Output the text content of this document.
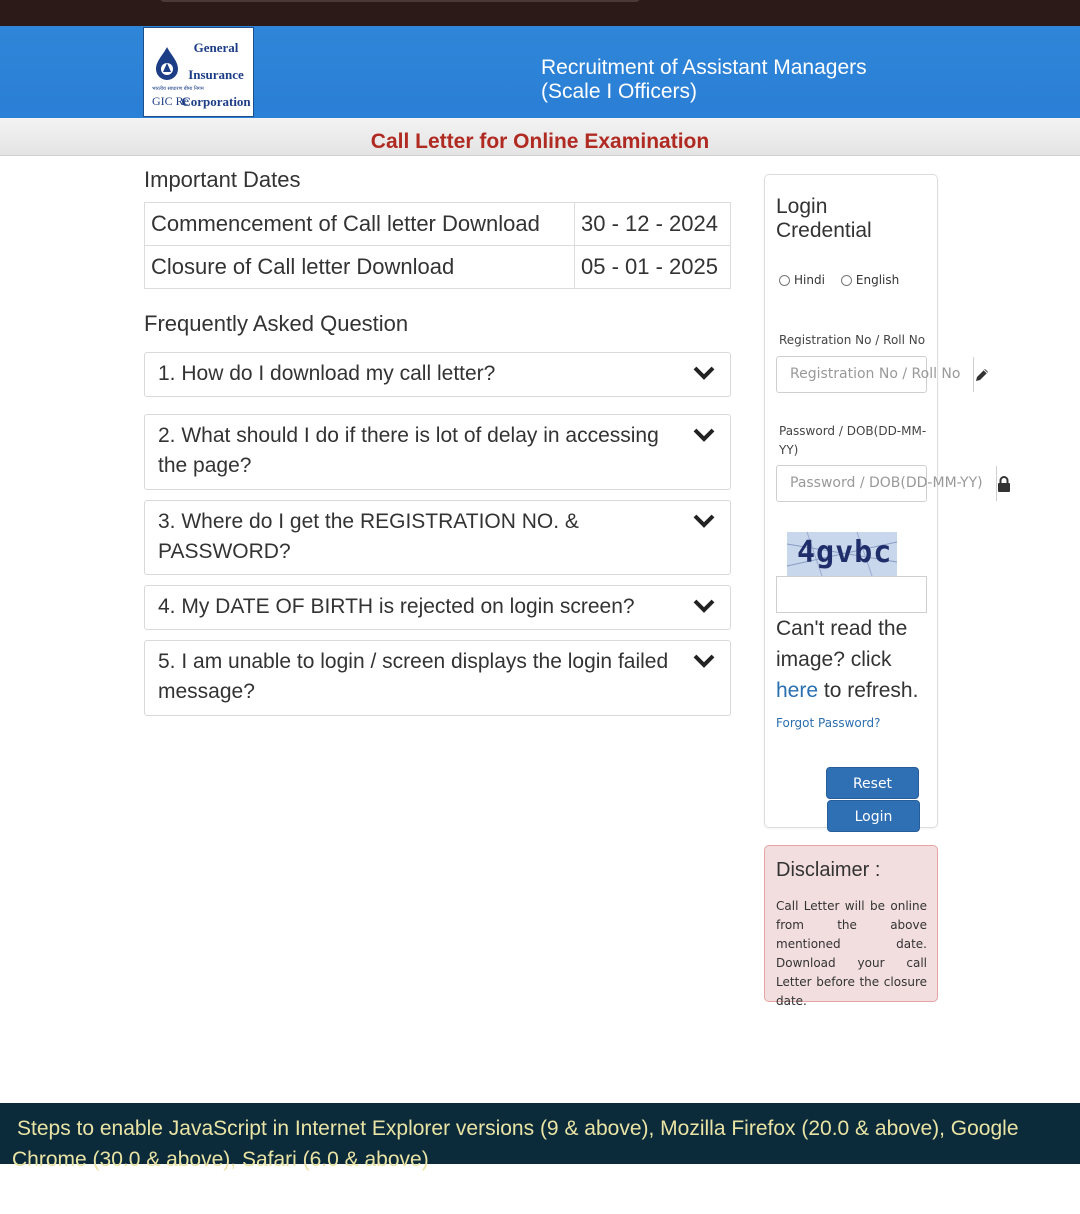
General Insurance
Corporation
भारतीय साधारण बीमा निगम
GIC Re
Recruitment of Assistant Managers
(Scale I Officers)
Call Letter for Online Examination
Important Dates
Commencement of Call letter Download	30 - 12 - 2024
Closure of Call letter Download	05 - 01 - 2025
Frequently Asked Question
1. How do I download my call letter?
2. What should I do if there is lot of delay in accessing the page?
3. Where do I get the REGISTRATION NO. & PASSWORD?
4. My DATE OF BIRTH is rejected on login screen?
5. I am unable to login / screen displays the login failed message?
Login
Credential
Hindi	English
Registration No / Roll No
Registration No / Roll No
Password / DOB(DD-MM-YY)
Password / DOB(DD-MM-YY)
4gvbc
Can't read the image? click here to refresh.
Forgot Password?
Reset
Login
Disclaimer :
Call Letter will be online from the above mentioned date. Download your call Letter before the closure date.
Steps to enable JavaScript in Internet Explorer versions (9 & above), Mozilla Firefox (20.0 & above), Google Chrome (30.0 & above), Safari (6.0 & above)
